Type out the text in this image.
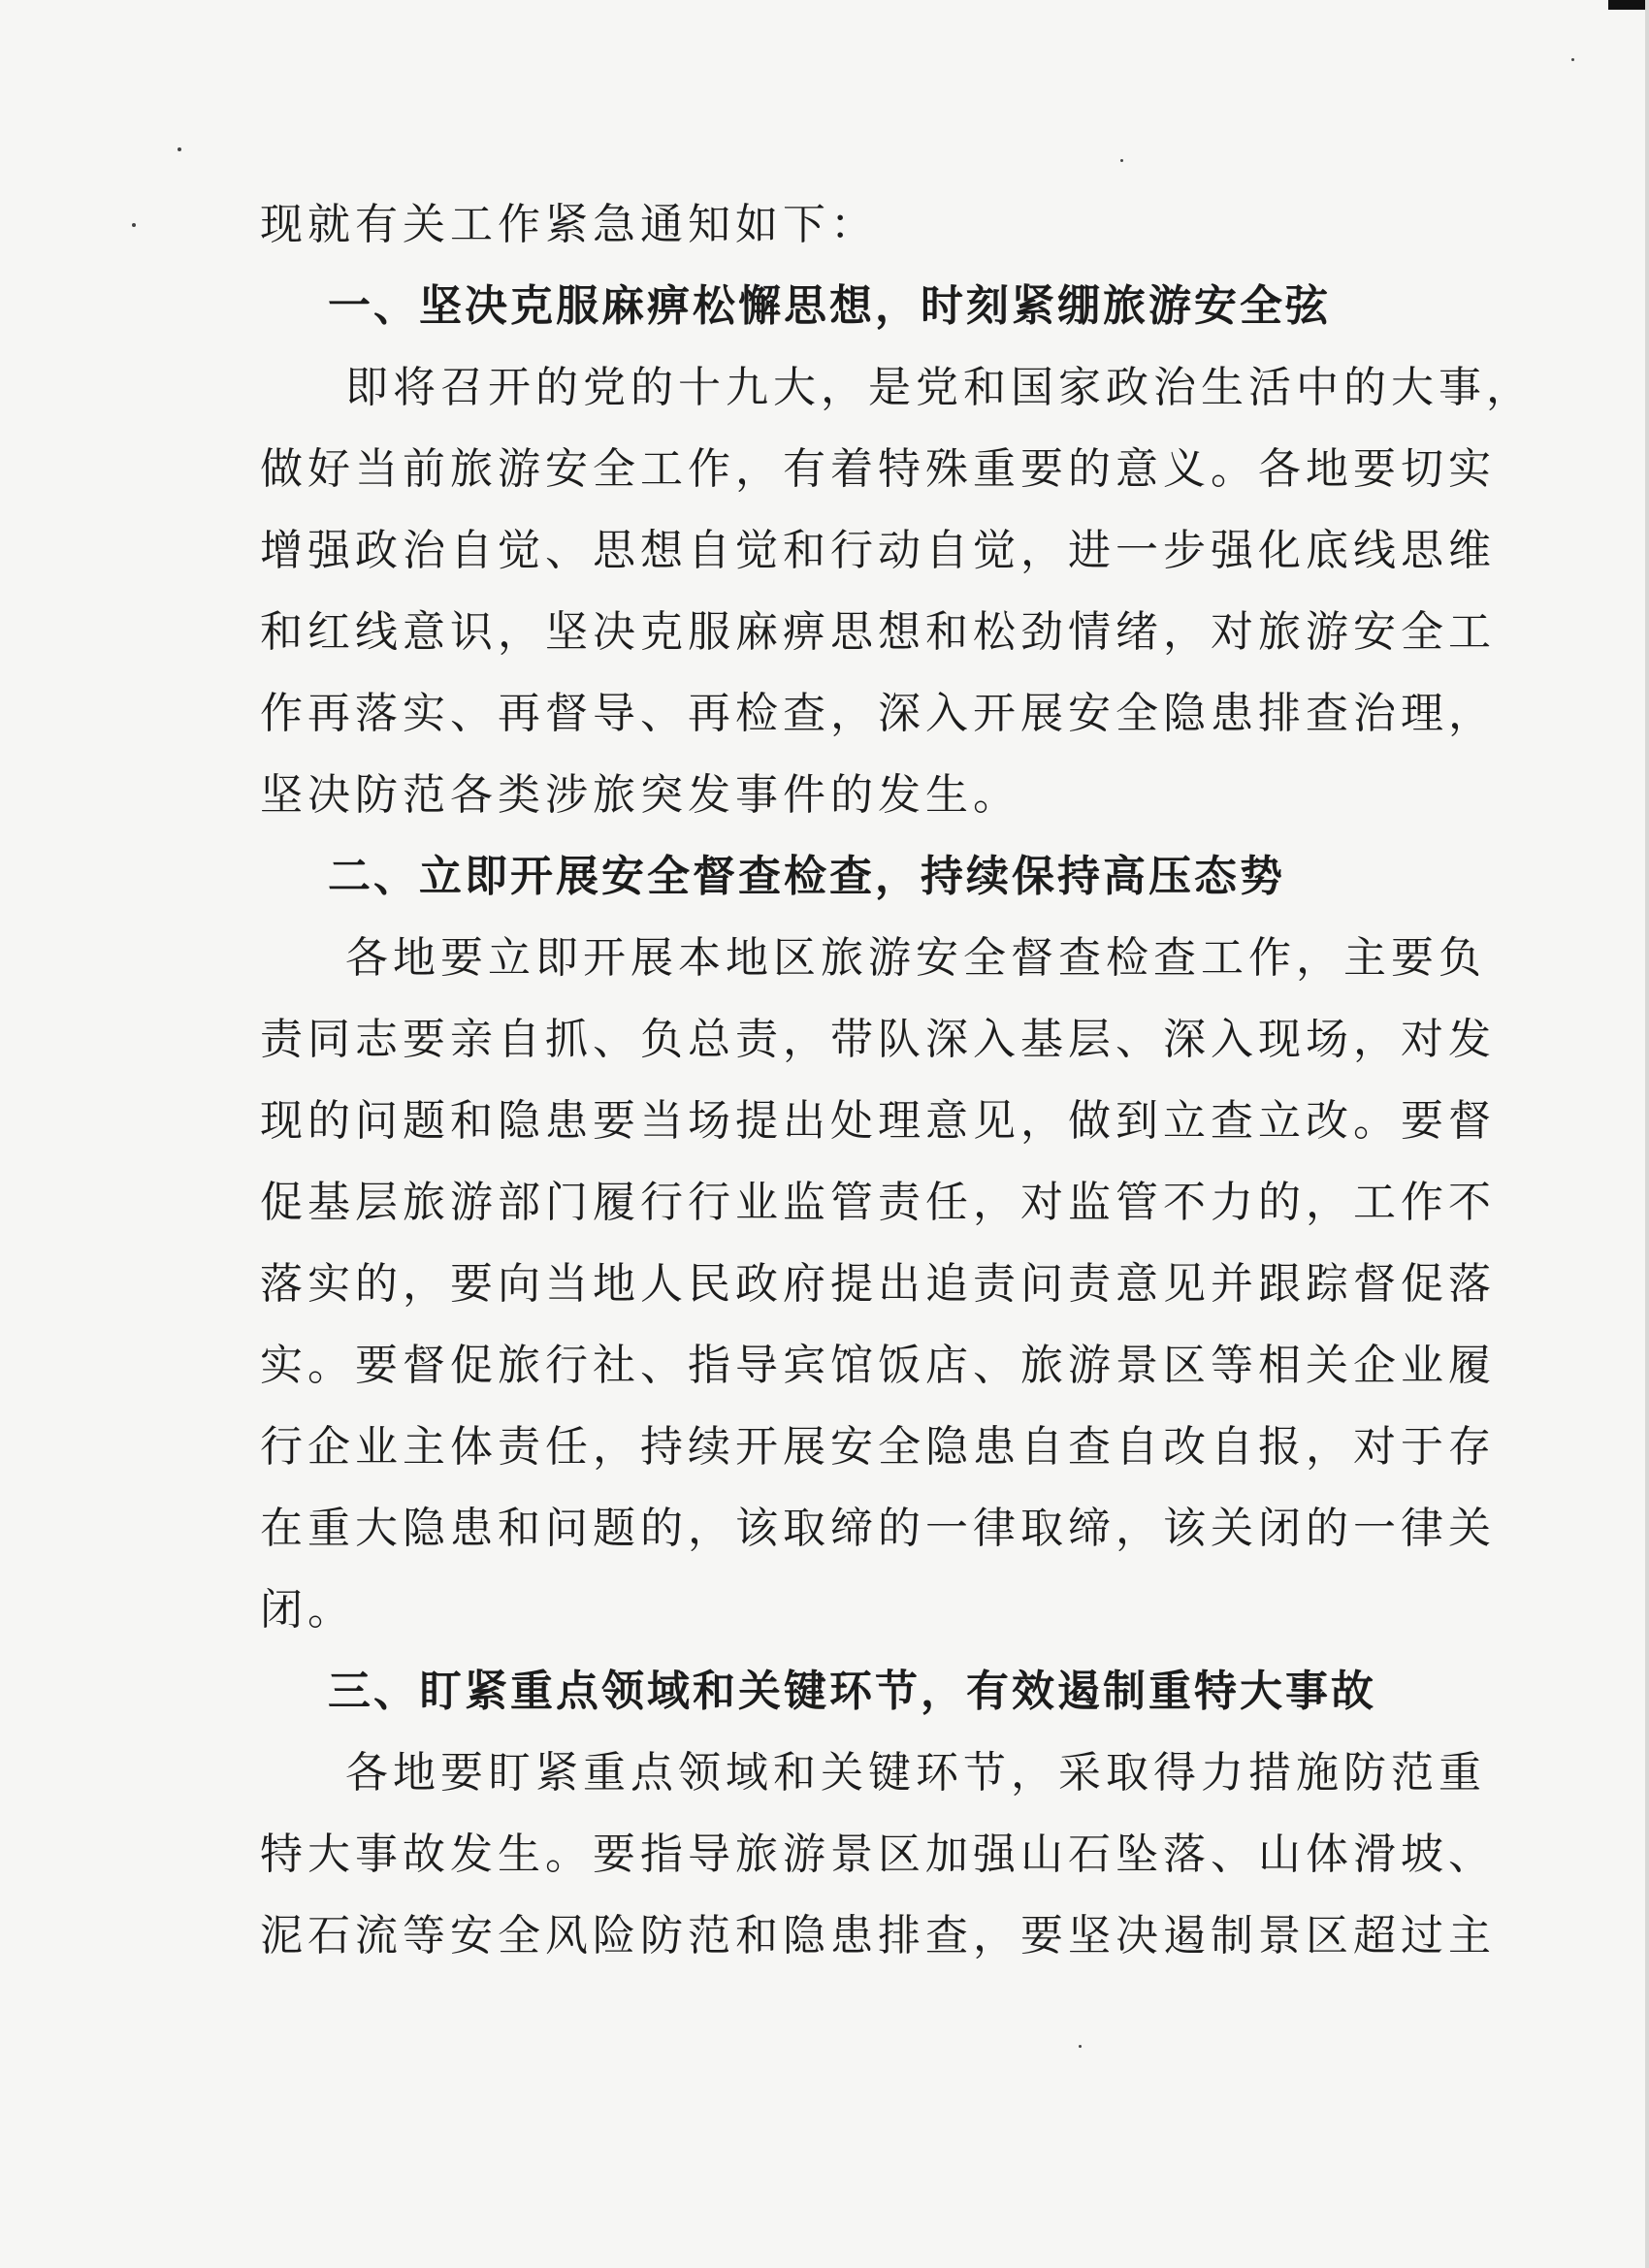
现就有关工作紧急通知如下：
一、坚决克服麻痹松懈思想，时刻紧绷旅游安全弦
即将召开的党的十九大，是党和国家政治生活中的大事，
做好当前旅游安全工作，有着特殊重要的意义。各地要切实
增强政治自觉、思想自觉和行动自觉，进一步强化底线思维
和红线意识，坚决克服麻痹思想和松劲情绪，对旅游安全工
作再落实、再督导、再检查，深入开展安全隐患排查治理，
坚决防范各类涉旅突发事件的发生。
二、立即开展安全督查检查，持续保持高压态势
各地要立即开展本地区旅游安全督查检查工作，主要负
责同志要亲自抓、负总责，带队深入基层、深入现场，对发
现的问题和隐患要当场提出处理意见，做到立查立改。要督
促基层旅游部门履行行业监管责任，对监管不力的，工作不
落实的，要向当地人民政府提出追责问责意见并跟踪督促落
实。要督促旅行社、指导宾馆饭店、旅游景区等相关企业履
行企业主体责任，持续开展安全隐患自查自改自报，对于存
在重大隐患和问题的，该取缔的一律取缔，该关闭的一律关
闭。
三、盯紧重点领域和关键环节，有效遏制重特大事故
各地要盯紧重点领域和关键环节，采取得力措施防范重
特大事故发生。要指导旅游景区加强山石坠落、山体滑坡、
泥石流等安全风险防范和隐患排查，要坚决遏制景区超过主
